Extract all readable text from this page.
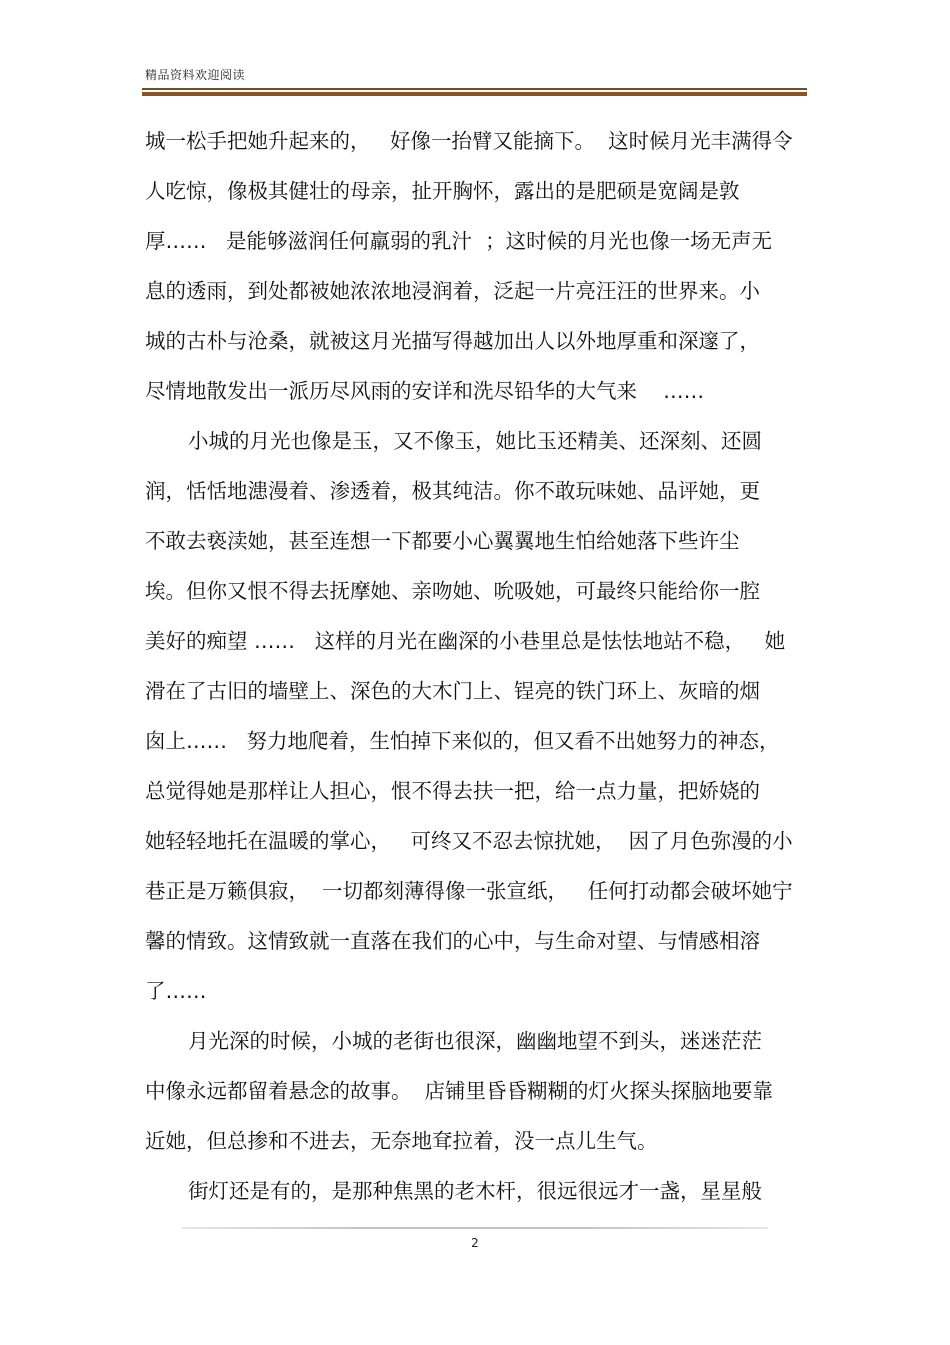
精品资料欢迎阅读
城一松手把她升起来的，   好像一抬臂又能摘下。  这时候月光丰满得令
人吃惊，像极其健壮的母亲，扯开胸怀，露出的是肥硕是宽阔是敦
厚……   是能够滋润任何羸弱的乳汁  ；这时候的月光也像一场无声无
息的透雨，到处都被她浓浓地浸润着，泛起一片亮汪汪的世界来。小
城的古朴与沧桑，就被这月光描写得越加出人以外地厚重和深邃了，
尽情地散发出一派历尽风雨的安详和洗尽铅华的大气来    ……
小城的月光也像是玉，又不像玉，她比玉还精美、还深刻、还圆
润，恬恬地漶漫着、渗透着，极其纯洁。你不敢玩味她、品评她，更
不敢去亵渎她，甚至连想一下都要小心翼翼地生怕给她落下些许尘
埃。但你又恨不得去抚摩她、亲吻她、吮吸她，可最终只能给你一腔
美好的痴望 ……   这样的月光在幽深的小巷里总是怯怯地站不稳，   她
滑在了古旧的墙壁上、深色的大木门上、锃亮的铁门环上、灰暗的烟
囱上……   努力地爬着，生怕掉下来似的，但又看不出她努力的神态，
总觉得她是那样让人担心，恨不得去扶一把，给一点力量，把娇娆的
她轻轻地托在温暖的掌心，   可终又不忍去惊扰她，  因了月色弥漫的小
巷正是万籁俱寂，  一切都刻薄得像一张宣纸，   任何打动都会破坏她宁
馨的情致。这情致就一直落在我们的心中，与生命对望、与情感相溶
了……
月光深的时候，小城的老街也很深，幽幽地望不到头，迷迷茫茫
中像永远都留着悬念的故事。  店铺里昏昏糊糊的灯火探头探脑地要靠
近她，但总掺和不进去，无奈地耷拉着，没一点儿生气。
街灯还是有的，是那种焦黑的老木杆，很远很远才一盏，星星般
2
